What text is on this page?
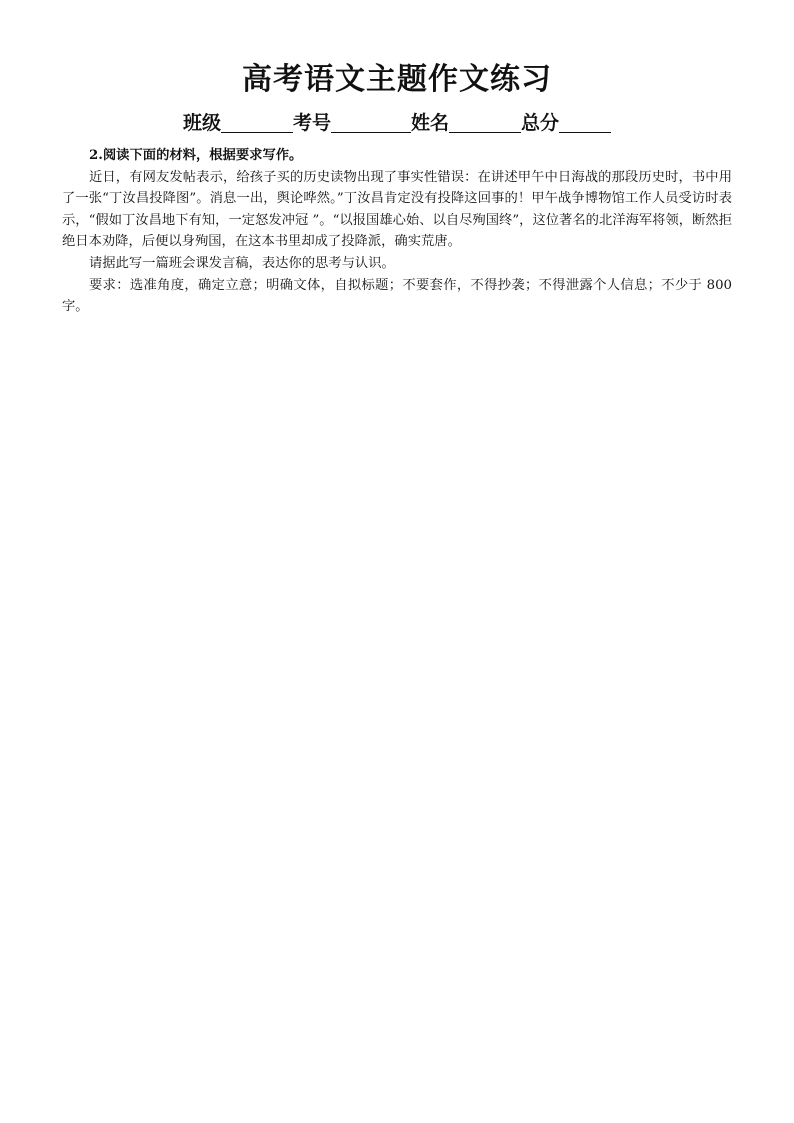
高考语文主题作文练习
班级	考号	姓名	总分

2.阅读下面的材料，根据要求写作。

近日，有网友发帖表示，给孩子买的历史读物出现了事实性错误：在讲述甲午中日海战的那段历史时，书中用了一张“丁汝昌投降图”。消息一出，舆论哗然。”丁汝昌肯定没有投降这回事的！甲午战争博物馆工作人员受访时表示，“假如丁汝昌地下有知，一定怒发冲冠 ”。“以报国雄心始、以自尽殉国终”，这位著名的北洋海军将领，断然拒绝日本劝降，后便以身殉国，在这本书里却成了投降派，确实荒唐。

请据此写一篇班会课发言稿，表达你的思考与认识。

要求：选准角度，确定立意；明确文体，自拟标题；不要套作，不得抄袭；不得泄露个人信息；不少于 800 字。
